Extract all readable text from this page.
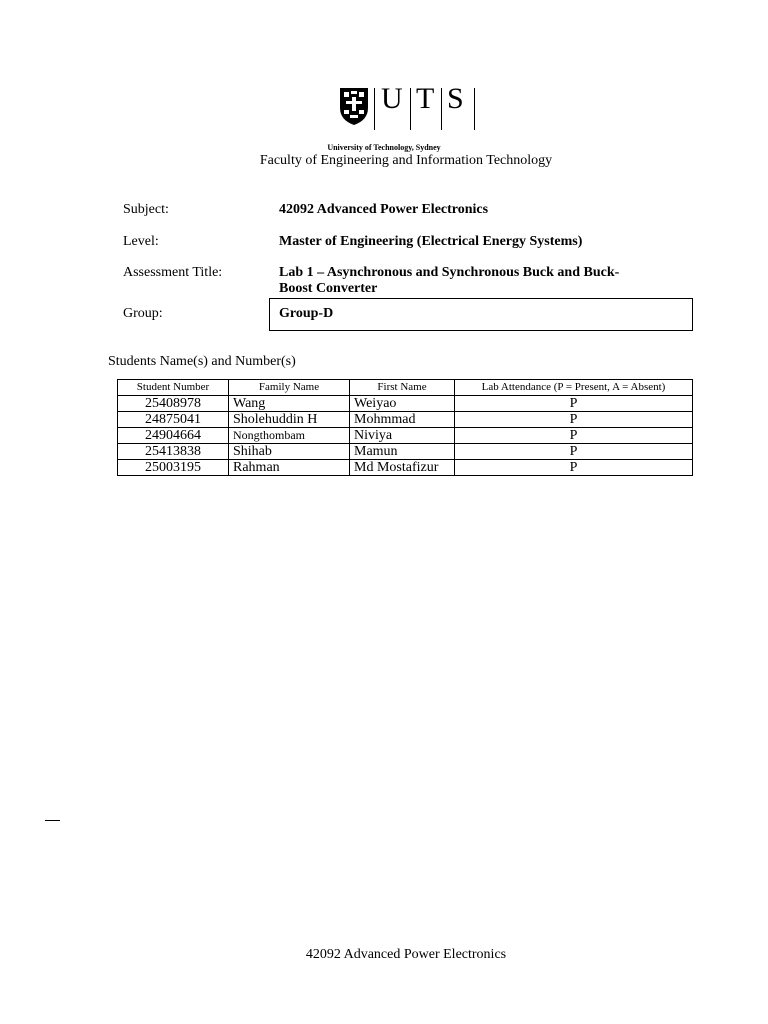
U T S
University of Technology, Sydney
Faculty of Engineering and Information Technology
Subject:	42092 Advanced Power Electronics
Level:	Master of Engineering (Electrical Energy Systems)
Assessment Title:	Lab 1 – Asynchronous and Synchronous Buck and Buck-
Boost Converter
Group:	Group-D
Students Name(s) and Number(s)
Student Number	Family Name	First Name	Lab Attendance (P = Present, A = Absent)
25408978	Wang	Weiyao	P
24875041	Sholehuddin H	Mohmmad	P
24904664	Nongthombam	Niviya	P
25413838	Shihab	Mamun	P
25003195	Rahman	Md Mostafizur	P
42092 Advanced Power Electronics
